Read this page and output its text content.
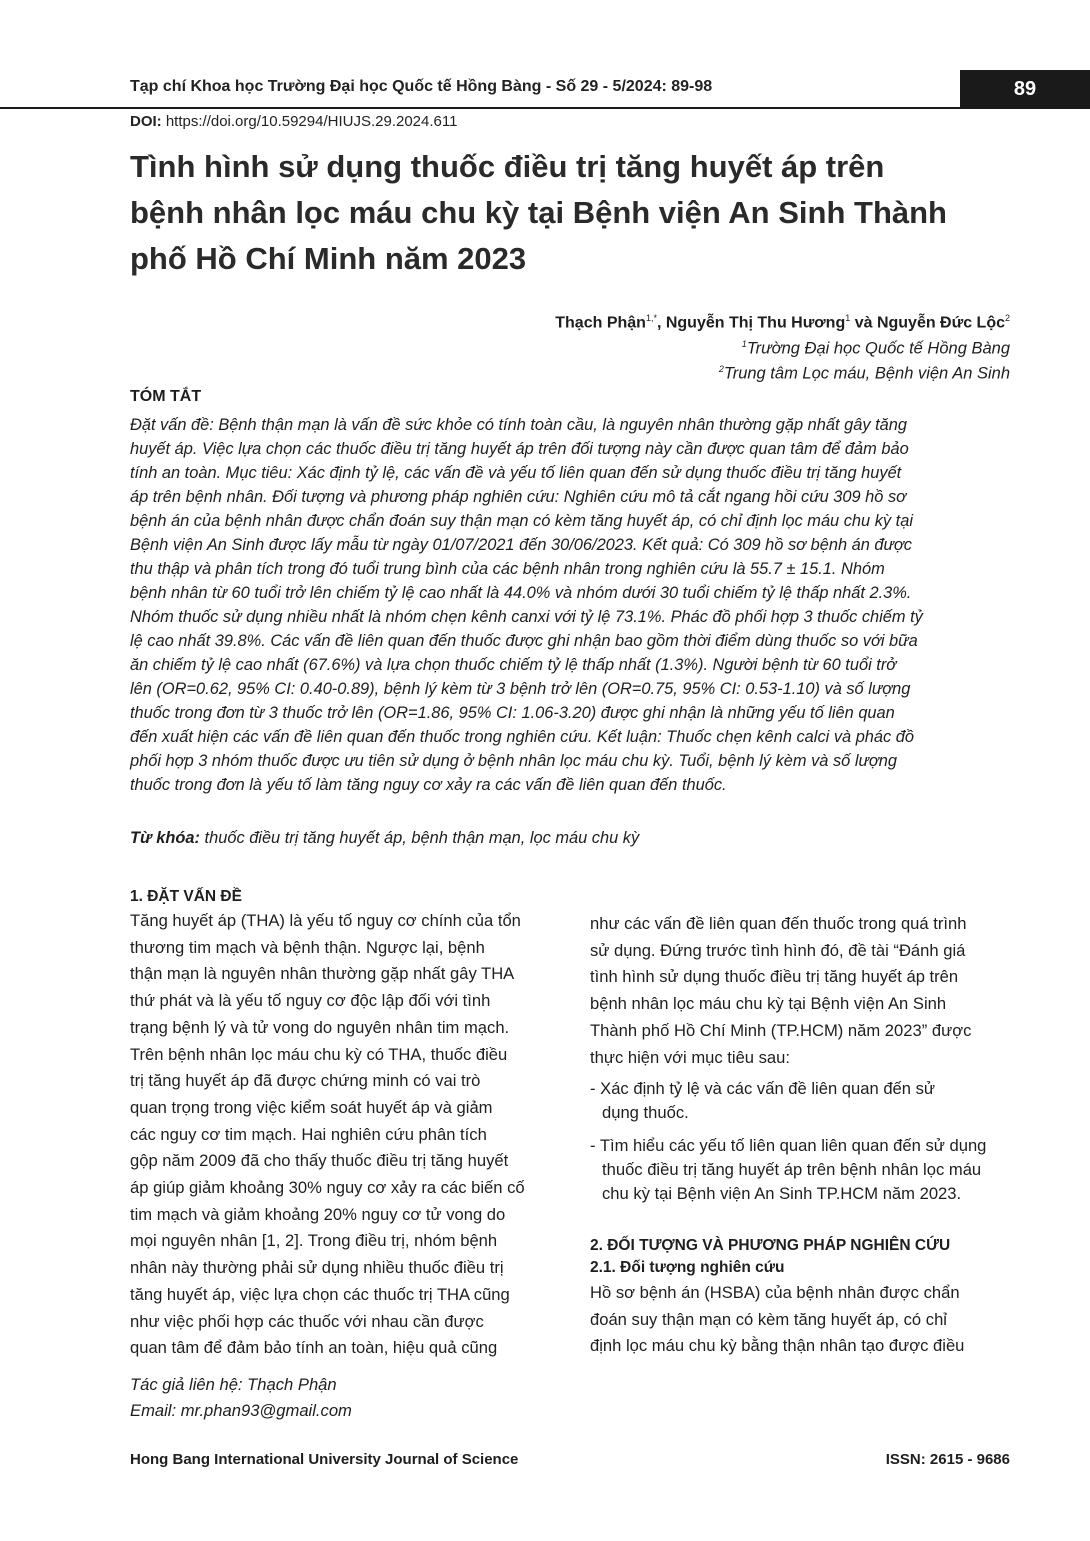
Tạp chí Khoa học Trường Đại học Quốc tế Hồng Bàng - Số 29 - 5/2024: 89-98	89
DOI: https://doi.org/10.59294/HIUJS.29.2024.611
Tình hình sử dụng thuốc điều trị tăng huyết áp trên
bệnh nhân lọc máu chu kỳ tại Bệnh viện An Sinh Thành
phố Hồ Chí Minh năm 2023
Thạch Phận$^{1,*}$, Nguyễn Thị Thu Hương$^1$ và Nguyễn Đức Lộc$^2$
$^1$Trường Đại học Quốc tế Hồng Bàng
$^2$Trung tâm Lọc máu, Bệnh viện An Sinh
TÓM TẮT
Đặt vấn đề: Bệnh thận mạn là vấn đề sức khỏe có tính toàn cầu, là nguyên nhân thường gặp nhất gây tăng
huyết áp. Việc lựa chọn các thuốc điều trị tăng huyết áp trên đối tượng này cần được quan tâm để đảm bảo
tính an toàn. Mục tiêu: Xác định tỷ lệ, các vấn đề và yếu tố liên quan đến sử dụng thuốc điều trị tăng huyết
áp trên bệnh nhân. Đối tượng và phương pháp nghiên cứu: Nghiên cứu mô tả cắt ngang hồi cứu 309 hồ sơ
bệnh án của bệnh nhân được chẩn đoán suy thận mạn có kèm tăng huyết áp, có chỉ định lọc máu chu kỳ tại
Bệnh viện An Sinh được lấy mẫu từ ngày 01/07/2021 đến 30/06/2023. Kết quả: Có 309 hồ sơ bệnh án được
thu thập và phân tích trong đó tuổi trung bình của các bệnh nhân trong nghiên cứu là 55.7 ± 15.1. Nhóm
bệnh nhân từ 60 tuổi trở lên chiếm tỷ lệ cao nhất là 44.0% và nhóm dưới 30 tuổi chiếm tỷ lệ thấp nhất 2.3%.
Nhóm thuốc sử dụng nhiều nhất là nhóm chẹn kênh canxi với tỷ lệ 73.1%. Phác đồ phối hợp 3 thuốc chiếm tỷ
lệ cao nhất 39.8%. Các vấn đề liên quan đến thuốc được ghi nhận bao gồm thời điểm dùng thuốc so với bữa
ăn chiếm tỷ lệ cao nhất (67.6%) và lựa chọn thuốc chiếm tỷ lệ thấp nhất (1.3%). Người bệnh từ 60 tuổi trở
lên (OR=0.62, 95% CI: 0.40-0.89), bệnh lý kèm từ 3 bệnh trở lên (OR=0.75, 95% CI: 0.53-1.10) và số lượng
thuốc trong đơn từ 3 thuốc trở lên (OR=1.86, 95% CI: 1.06-3.20) được ghi nhận là những yếu tố liên quan
đến xuất hiện các vấn đề liên quan đến thuốc trong nghiên cứu. Kết luận: Thuốc chẹn kênh calci và phác đồ
phối hợp 3 nhóm thuốc được ưu tiên sử dụng ở bệnh nhân lọc máu chu kỳ. Tuổi, bệnh lý kèm và số lượng
thuốc trong đơn là yếu tố làm tăng nguy cơ xảy ra các vấn đề liên quan đến thuốc.
Từ khóa: thuốc điều trị tăng huyết áp, bệnh thận mạn, lọc máu chu kỳ
1. ĐẶT VẤN ĐỀ
Tăng huyết áp (THA) là yếu tố nguy cơ chính của tổn
thương tim mạch và bệnh thận. Ngược lại, bệnh
thận mạn là nguyên nhân thường gặp nhất gây THA
thứ phát và là yếu tố nguy cơ độc lập đối với tình
trạng bệnh lý và tử vong do nguyên nhân tim mạch.
Trên bệnh nhân lọc máu chu kỳ có THA, thuốc điều
trị tăng huyết áp đã được chứng minh có vai trò
quan trọng trong việc kiểm soát huyết áp và giảm
các nguy cơ tim mạch. Hai nghiên cứu phân tích
gộp năm 2009 đã cho thấy thuốc điều trị tăng huyết
áp giúp giảm khoảng 30% nguy cơ xảy ra các biến cố
tim mạch và giảm khoảng 20% nguy cơ tử vong do
mọi nguyên nhân [1, 2]. Trong điều trị, nhóm bệnh
nhân này thường phải sử dụng nhiều thuốc điều trị
tăng huyết áp, việc lựa chọn các thuốc trị THA cũng
như việc phối hợp các thuốc với nhau cần được
quan tâm để đảm bảo tính an toàn, hiệu quả cũng
như các vấn đề liên quan đến thuốc trong quá trình
sử dụng. Đứng trước tình hình đó, đề tài “Đánh giá
tình hình sử dụng thuốc điều trị tăng huyết áp trên
bệnh nhân lọc máu chu kỳ tại Bệnh viện An Sinh
Thành phố Hồ Chí Minh (TP.HCM) năm 2023” được
thực hiện với mục tiêu sau:
- Xác định tỷ lệ và các vấn đề liên quan đến sử
dụng thuốc.
- Tìm hiểu các yếu tố liên quan liên quan đến sử dụng
thuốc điều trị tăng huyết áp trên bệnh nhân lọc máu
chu kỳ tại Bệnh viện An Sinh TP.HCM năm 2023.
2. ĐỐI TƯỢNG VÀ PHƯƠNG PHÁP NGHIÊN CỨU
2.1. Đối tượng nghiên cứu
Hồ sơ bệnh án (HSBA) của bệnh nhân được chẩn
đoán suy thận mạn có kèm tăng huyết áp, có chỉ
định lọc máu chu kỳ bằng thận nhân tạo được điều
Tác giả liên hệ: Thạch Phận
Email: mr.phan93@gmail.com
Hong Bang International University Journal of Science	ISSN: 2615 - 9686
